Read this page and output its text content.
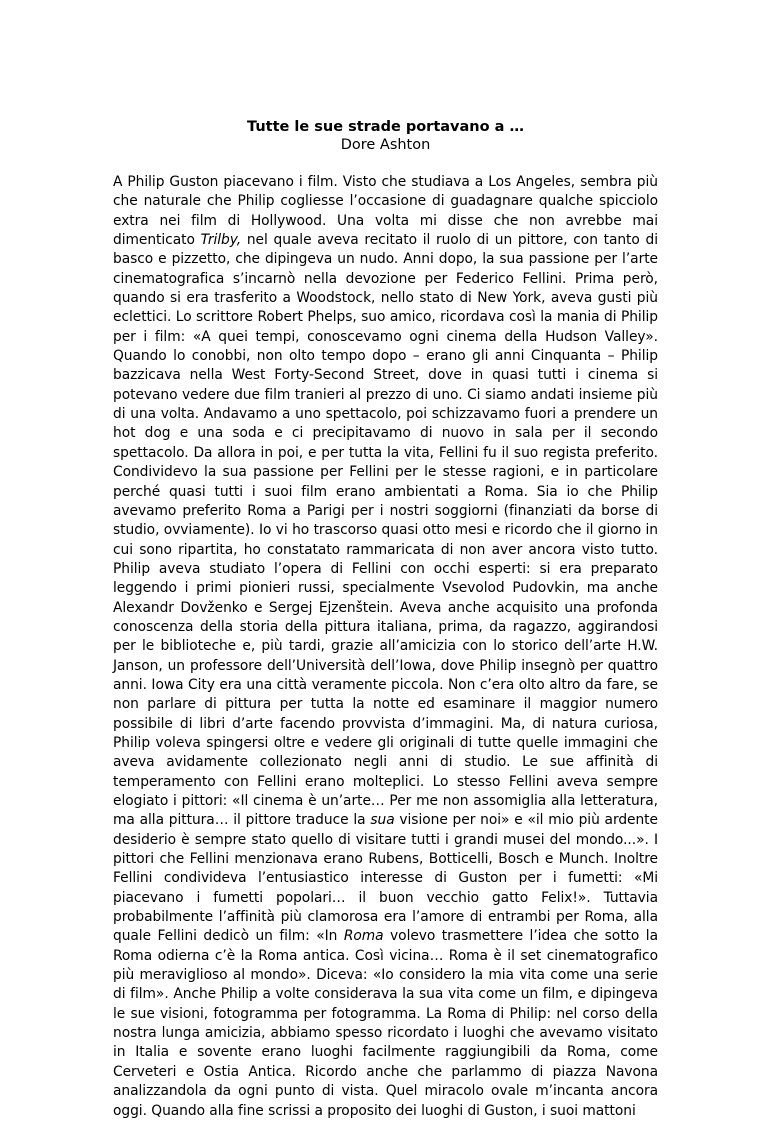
Tutte le sue strade portavano a …

Dore Ashton

A Philip Guston piacevano i film. Visto che studiava a Los Angeles, sembra più che naturale che Philip cogliesse l’occasione di guadagnare qualche spicciolo extra nei film di Hollywood. Una volta mi disse che non avrebbe mai dimenticato Trilby, nel quale aveva recitato il ruolo di un pittore, con tanto di basco e pizzetto, che dipingeva un nudo. Anni dopo, la sua passione per l’arte cinematografica s’incarnò nella devozione per Federico Fellini. Prima però, quando si era trasferito a Woodstock, nello stato di New York, aveva gusti più eclettici. Lo scrittore Robert Phelps, suo amico, ricordava così la mania di Philip per i film: «A quei tempi, conoscevamo ogni cinema della Hudson Valley». Quando lo conobbi, non olto tempo dopo – erano gli anni Cinquanta – Philip bazzicava nella West Forty-Second Street, dove in quasi tutti i cinema si potevano vedere due film tranieri al prezzo di uno. Ci siamo andati insieme più di una volta. Andavamo a uno spettacolo, poi schizzavamo fuori a prendere un hot dog e una soda e ci precipitavamo di nuovo in sala per il secondo spettacolo. Da allora in poi, e per tutta la vita, Fellini fu il suo regista preferito. Condividevo la sua passione per Fellini per le stesse ragioni, e in particolare perché quasi tutti i suoi film erano ambientati a Roma. Sia io che Philip avevamo preferito Roma a Parigi per i nostri soggiorni (finanziati da borse di studio, ovviamente). Io vi ho trascorso quasi otto mesi e ricordo che il giorno in cui sono ripartita, ho constatato rammaricata di non aver ancora visto tutto. Philip aveva studiato l’opera di Fellini con occhi esperti: si era preparato leggendo i primi pionieri russi, specialmente Vsevolod Pudovkin, ma anche Alexandr Dovženko e Sergej Ejzenštein. Aveva anche acquisito una profonda conoscenza della storia della pittura italiana, prima, da ragazzo, aggirandosi per le biblioteche e, più tardi, grazie all’amicizia con lo storico dell’arte H.W. Janson, un professore dell’Università dell’Iowa, dove Philip insegnò per quattro anni. Iowa City era una città veramente piccola. Non c’era olto altro da fare, se non parlare di pittura per tutta la notte ed esaminare il maggior numero possibile di libri d’arte facendo provvista d’immagini. Ma, di natura curiosa, Philip voleva spingersi oltre e vedere gli originali di tutte quelle immagini che aveva avidamente collezionato negli anni di studio. Le sue affinità di temperamento con Fellini erano molteplici. Lo stesso Fellini aveva sempre elogiato i pittori: «Il cinema è un’arte… Per me non assomiglia alla letteratura, ma alla pittura… il pittore traduce la sua visione per noi» e «il mio più ardente desiderio è sempre stato quello di visitare tutti i grandi musei del mondo...». I pittori che Fellini menzionava erano Rubens, Botticelli, Bosch e Munch. Inoltre Fellini condivideva l’entusiastico interesse di Guston per i fumetti: «Mi piacevano i fumetti popolari… il buon vecchio gatto Felix!». Tuttavia probabilmente l’affinità più clamorosa era l’amore di entrambi per Roma, alla quale Fellini dedicò un film: «In Roma volevo trasmettere l’idea che sotto la Roma odierna c’è la Roma antica. Così vicina… Roma è il set cinematografico più meraviglioso al mondo». Diceva: «Io considero la mia vita come una serie di film». Anche Philip a volte considerava la sua vita come un film, e dipingeva le sue visioni, fotogramma per fotogramma. La Roma di Philip: nel corso della nostra lunga amicizia, abbiamo spesso ricordato i luoghi che avevamo visitato in Italia e sovente erano luoghi facilmente raggiungibili da Roma, come Cerveteri e Ostia Antica. Ricordo anche che parlammo di piazza Navona analizzandola da ogni punto di vista. Quel miracolo ovale m’incanta ancora oggi. Quando alla fine scrissi a proposito dei luoghi di Guston, i suoi mattoni
